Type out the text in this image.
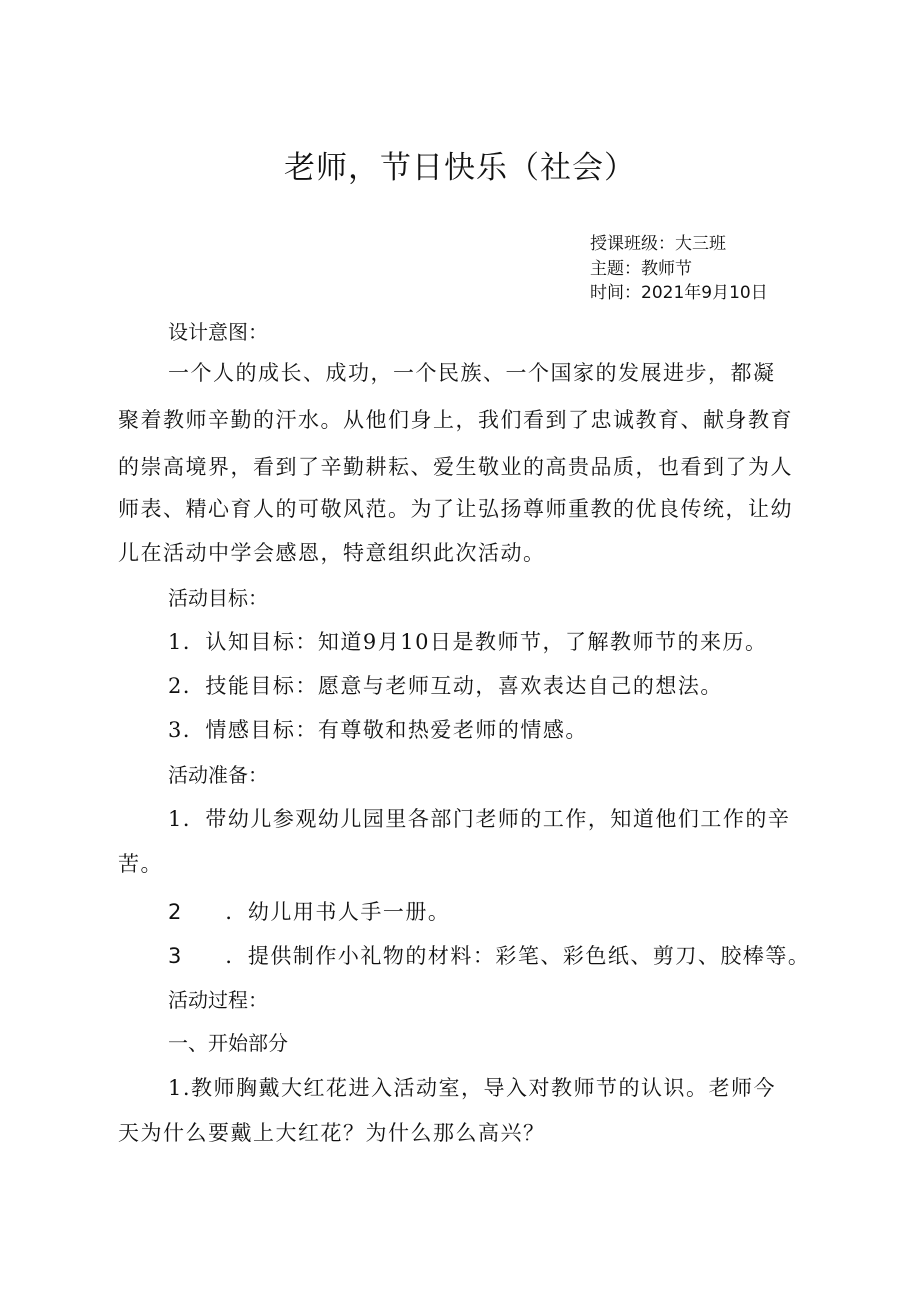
老师，节日快乐（社会）
授课班级：大三班
主题：教师节
时间：2021年9月10日
设计意图：
一个人的成长、成功，一个民族、一个国家的发展进步，都凝
聚着教师辛勤的汗水。从他们身上，我们看到了忠诚教育、献身教育
的崇高境界，看到了辛勤耕耘、爱生敬业的高贵品质，也看到了为人
师表、精心育人的可敬风范。为了让弘扬尊师重教的优良传统，让幼
儿在活动中学会感恩，特意组织此次活动。
活动目标：
1．认知目标：知道9月10日是教师节，了解教师节的来历。
2．技能目标：愿意与老师互动，喜欢表达自己的想法。
3．情感目标：有尊敬和热爱老师的情感。
活动准备：
1．带幼儿参观幼儿园里各部门老师的工作，知道他们工作的辛
苦。
2 ．幼儿用书人手一册。
3 ．提供制作小礼物的材料：彩笔、彩色纸、剪刀、胶棒等。
活动过程：
一、开始部分
1.教师胸戴大红花进入活动室，导入对教师节的认识。老师今
天为什么要戴上大红花？为什么那么高兴？
